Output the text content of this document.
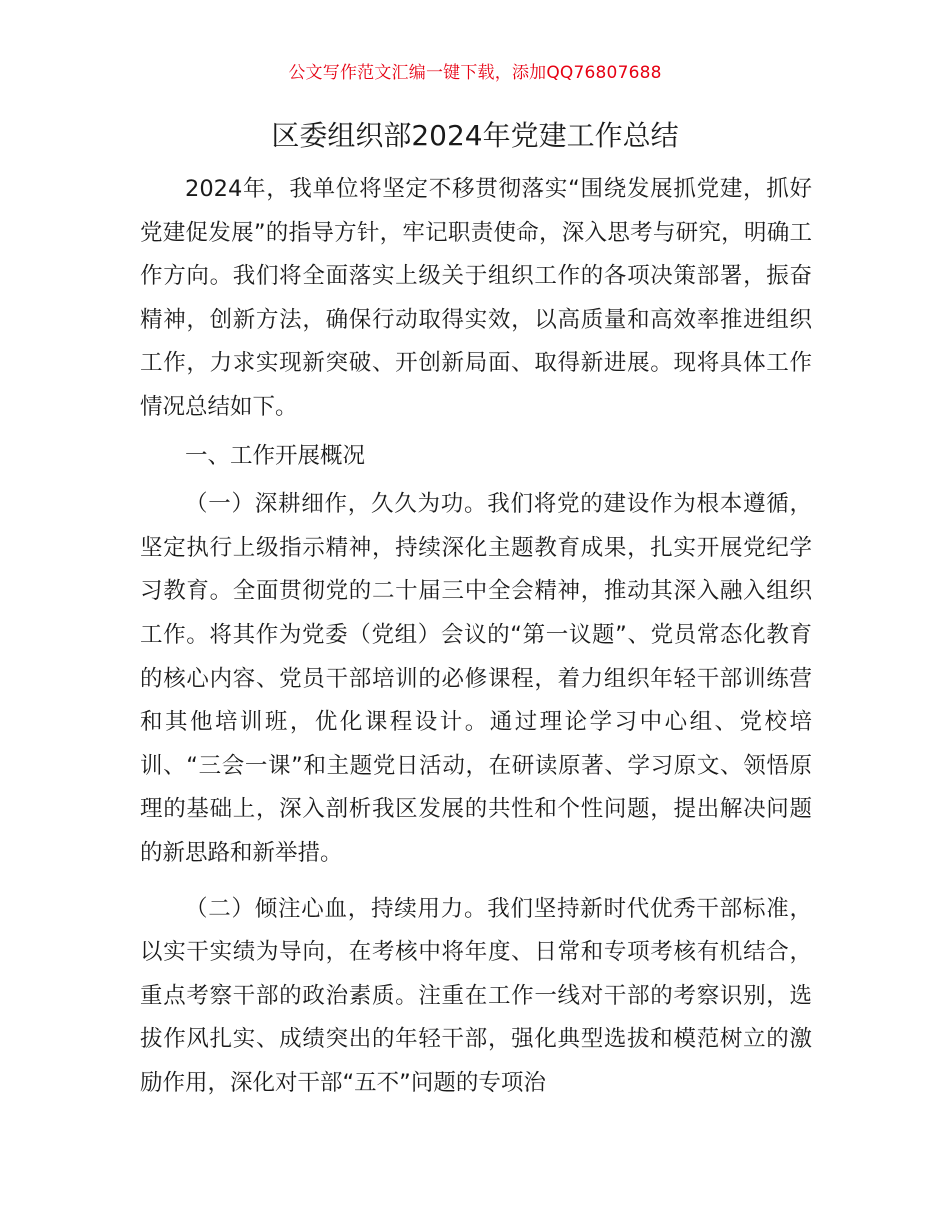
公文写作范文汇编一键下载，添加QQ76807688
区委组织部2024年党建工作总结

2024年，我单位将坚定不移贯彻落实“围绕发展抓党建，抓好党建促发展”的指导方针，牢记职责使命，深入思考与研究，明确工作方向。我们将全面落实上级关于组织工作的各项决策部署，振奋精神，创新方法，确保行动取得实效，以高质量和高效率推进组织工作，力求实现新突破、开创新局面、取得新进展。现将具体工作情况总结如下。

一、工作开展概况

（一）深耕细作，久久为功。我们将党的建设作为根本遵循，坚定执行上级指示精神，持续深化主题教育成果，扎实开展党纪学习教育。全面贯彻党的二十届三中全会精神，推动其深入融入组织工作。将其作为党委（党组）会议的“第一议题”、党员常态化教育的核心内容、党员干部培训的必修课程，着力组织年轻干部训练营和其他培训班，优化课程设计。通过理论学习中心组、党校培训、“三会一课”和主题党日活动，在研读原著、学习原文、领悟原理的基础上，深入剖析我区发展的共性和个性问题，提出解决问题的新思路和新举措。

（二）倾注心血，持续用力。我们坚持新时代优秀干部标准，以实干实绩为导向，在考核中将年度、日常和专项考核有机结合，重点考察干部的政治素质。注重在工作一线对干部的考察识别，选拔作风扎实、成绩突出的年轻干部，强化典型选拔和模范树立的激励作用，深化对干部“五不”问题的专项治
